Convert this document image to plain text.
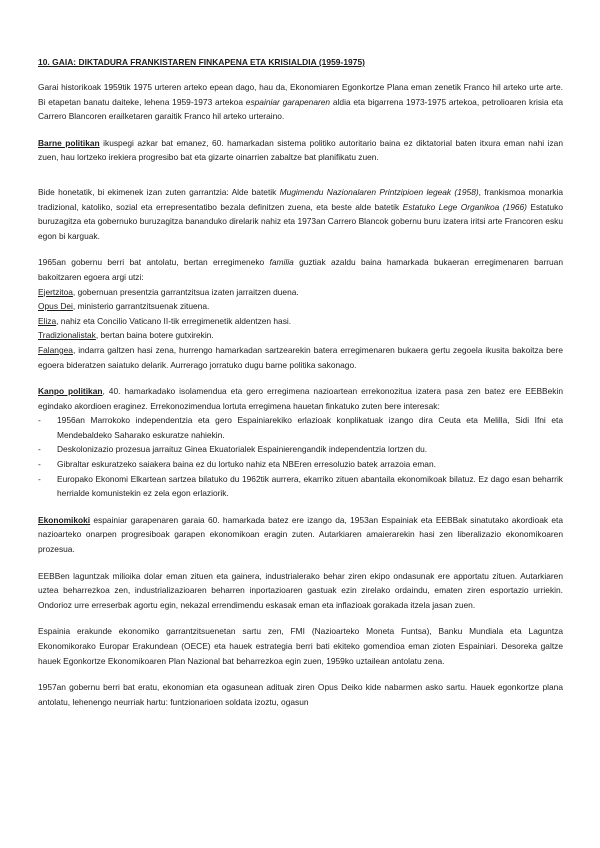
10. GAIA: DIKTADURA FRANKISTAREN FINKAPENA ETA KRISIALDIA (1959-1975)

Garai historikoak 1959tik 1975 urteren arteko epean dago, hau da, Ekonomiaren Egonkortze Plana eman zenetik Franco hil arteko urte arte. Bi etapetan banatu daiteke, lehena 1959-1973 artekoa espainiar garapenaren aldia eta bigarrena 1973-1975 artekoa, petrolioaren krisia eta Carrero Blancoren erailketaren garaitik Franco hil arteko urteraino.

Barne politikan ikuspegi azkar bat emanez, 60. hamarkadan sistema politiko autoritario baina ez diktatorial baten itxura eman nahi izan zuen, hau lortzeko irekiera progresibo bat eta gizarte oinarrien zabaltze bat planifikatu zuen.

Bide honetatik, bi ekimenek izan zuten garrantzia: Alde batetik Mugimendu Nazionalaren Printzipioen legeak (1958), frankismoa monarkia tradizional, katoliko, sozial eta errepresentatibo bezala definitzen zuena, eta beste alde batetik Estatuko Lege Organikoa (1966) Estatuko buruzagitza eta gobernuko buruzagitza bananduko direlarik nahiz eta 1973an Carrero Blancok gobernu buru izatera iritsi arte Francoren esku egon bi karguak.

1965an gobernu berri bat antolatu, bertan erregimeneko familia guztiak azaldu baina hamarkada bukaeran erregimenaren barruan bakoitzaren egoera argi utzi:

Ejertzitoa, gobernuan presentzia garrantzitsua izaten jarraitzen duena.

Opus Dei, ministerio garrantzitsuenak zituena.

Eliza, nahiz eta Concilio Vaticano II-tik erregimenetik aldentzen hasi.

Tradizionalistak, bertan baina botere gutxirekin.

Falangea, indarra galtzen hasi zena, hurrengo hamarkadan sartzearekin batera erregimenaren bukaera gertu zegoela ikusita bakoitza bere egoera bideratzen saiatuko delarik. Aurrerago jorratuko dugu barne politika sakonago.

Kanpo politikan, 40. hamarkadako isolamendua eta gero erregimena nazioartean errekonozitua izatera pasa zen batez ere EEBBekin egindako akordioen eraginez. Errekonozimendua lortuta erregimena hauetan finkatuko zuten bere interesak:

- 1956an Marrokoko independentzia eta gero Espainiarekiko erlazioak konplikatuak izango dira Ceuta eta Melilla, Sidi Ifni eta Mendebaldeko Saharako eskuratze nahiekin.
- Deskolonizazio prozesua jarraituz Ginea Ekuatorialek Espainierengandik independentzia lortzen du.
- Gibraltar eskuratzeko saiakera baina ez du lortuko nahiz eta NBEren erresoluzio batek arrazoia eman.
- Europako Ekonomi Elkartean sartzea bilatuko du 1962tik aurrera, ekarriko zituen abantaila ekonomikoak bilatuz. Ez dago esan beharrik herrialde komunistekin ez zela egon erlaziorik.

Ekonomikoki espainiar garapenaren garaia 60. hamarkada batez ere izango da, 1953an Espainiak eta EEBBak sinatutako akordioak eta nazioarteko onarpen progresiboak garapen ekonomikoan eragin zuten. Autarkiaren amaierarekin hasi zen liberalizazio ekonomikoaren prozesua.

EEBBen laguntzak milioika dolar eman zituen eta gainera, industrialerako behar ziren ekipo ondasunak ere apportatu zituen. Autarkiaren uztea beharrezkoa zen, industrializazioaren beharren inportazioaren gastuak ezin zirelako ordaindu, ematen ziren esportazio urriekin. Ondorioz urre erreserbak agortu egin, nekazal errendimendu eskasak eman eta inflazioak gorakada itzela jasan zuen.

Espainia erakunde ekonomiko garrantzitsuenetan sartu zen, FMI (Nazioarteko Moneta Funtsa), Banku Mundiala eta Laguntza Ekonomikorako Europar Erakundean (OECE) eta hauek estrategia berri bati ekiteko gomendioa eman zioten Espainiari. Desoreka galtze hauek Egonkortze Ekonomikoaren Plan Nazional bat beharrezkoa egin zuen, 1959ko uztailean antolatu zena.

1957an gobernu berri bat eratu, ekonomian eta ogasunean adituak ziren Opus Deiko kide nabarmen asko sartu. Hauek egonkortze plana antolatu, lehenengo neurriak hartu: funtzionarioen soldata izoztu, ogasun
